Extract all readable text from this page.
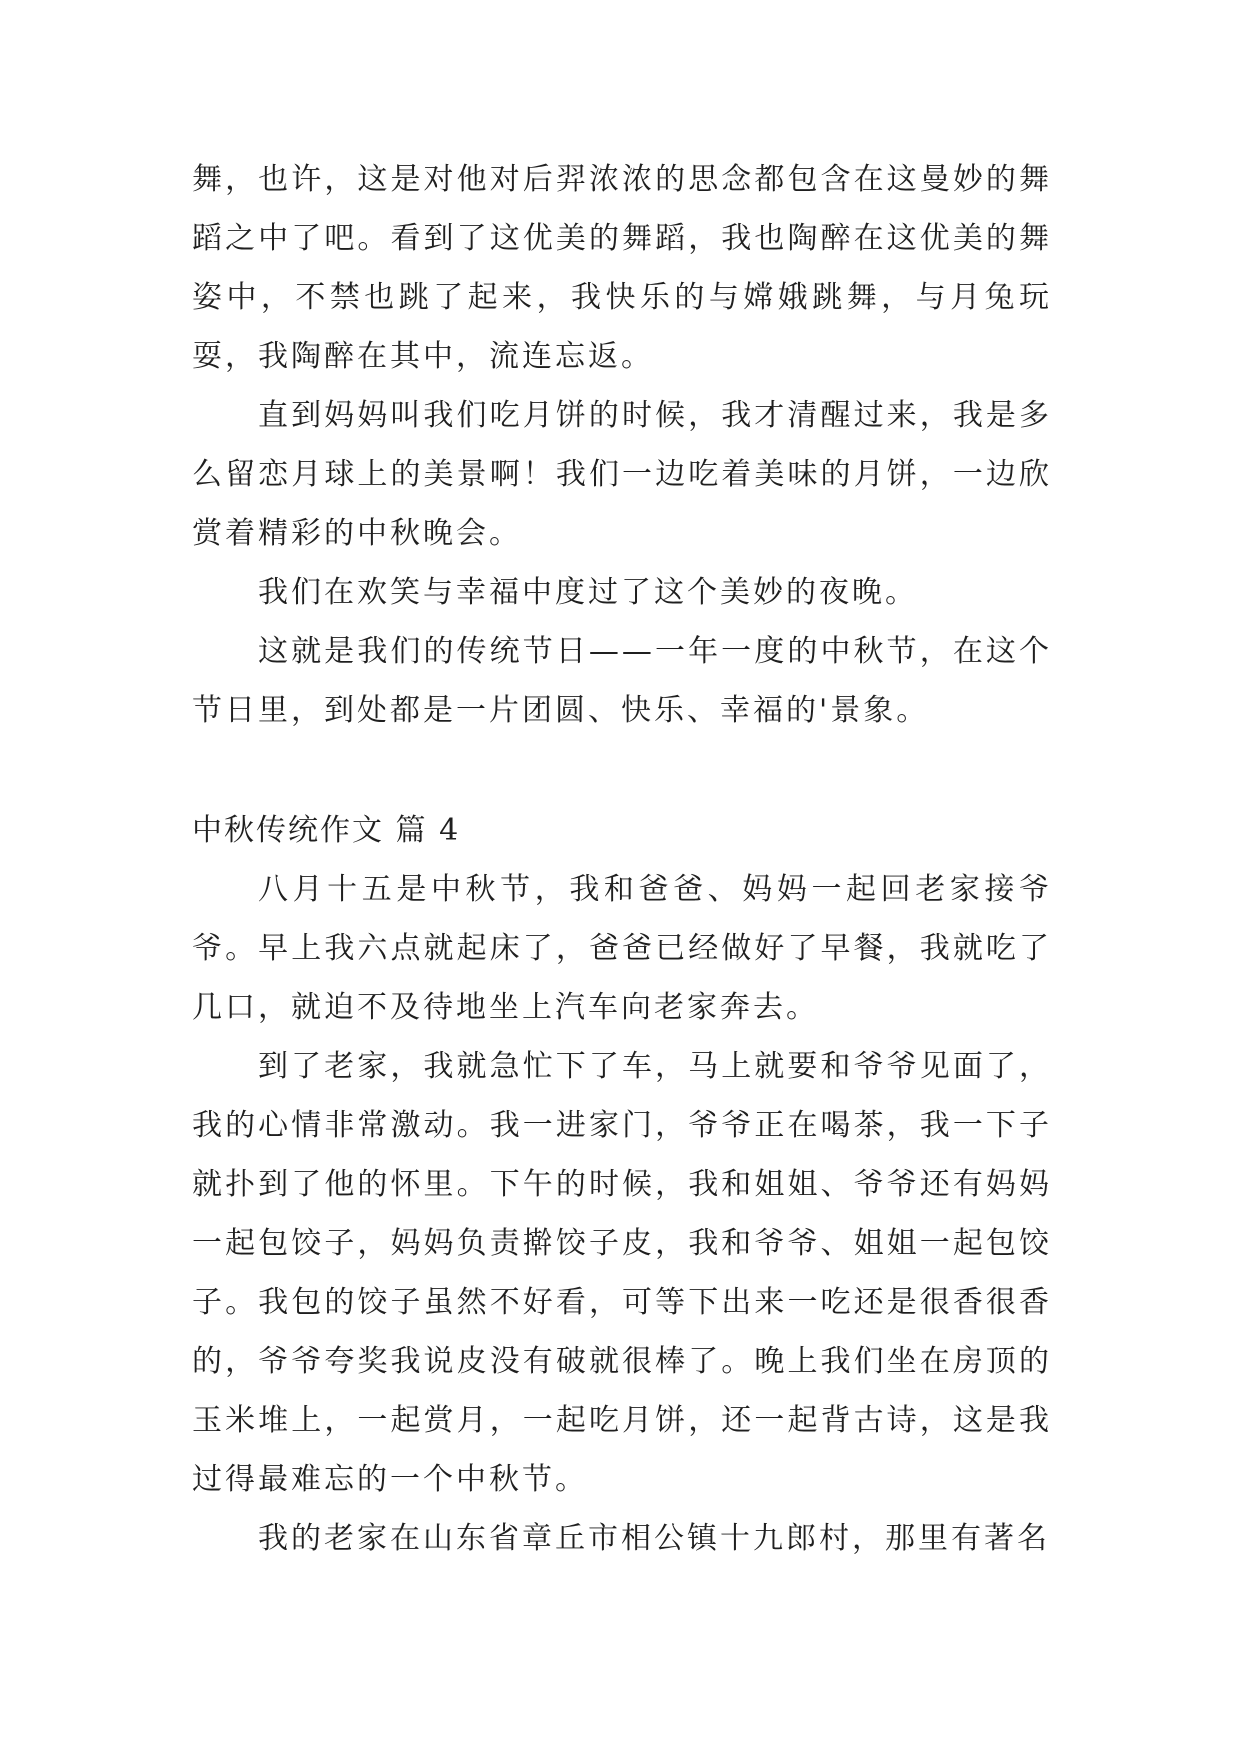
舞，也许，这是对他对后羿浓浓的思念都包含在这曼妙的舞蹈之中了吧。看到了这优美的舞蹈，我也陶醉在这优美的舞姿中，不禁也跳了起来，我快乐的与嫦娥跳舞，与月兔玩耍，我陶醉在其中，流连忘返。

直到妈妈叫我们吃月饼的时候，我才清醒过来，我是多么留恋月球上的美景啊！我们一边吃着美味的月饼，一边欣赏着精彩的中秋晚会。

我们在欢笑与幸福中度过了这个美妙的夜晚。

这就是我们的传统节日——一年一度的中秋节，在这个节日里，到处都是一片团圆、快乐、幸福的'景象。

中秋传统作文 篇 4

八月十五是中秋节，我和爸爸、妈妈一起回老家接爷爷。早上我六点就起床了，爸爸已经做好了早餐，我就吃了几口，就迫不及待地坐上汽车向老家奔去。

到了老家，我就急忙下了车，马上就要和爷爷见面了，我的心情非常激动。我一进家门，爷爷正在喝茶，我一下子就扑到了他的怀里。下午的时候，我和姐姐、爷爷还有妈妈一起包饺子，妈妈负责擀饺子皮，我和爷爷、姐姐一起包饺子。我包的饺子虽然不好看，可等下出来一吃还是很香很香的，爷爷夸奖我说皮没有破就很棒了。晚上我们坐在房顶的玉米堆上，一起赏月，一起吃月饼，还一起背古诗，这是我过得最难忘的一个中秋节。

我的老家在山东省章丘市相公镇十九郎村，那里有著名
